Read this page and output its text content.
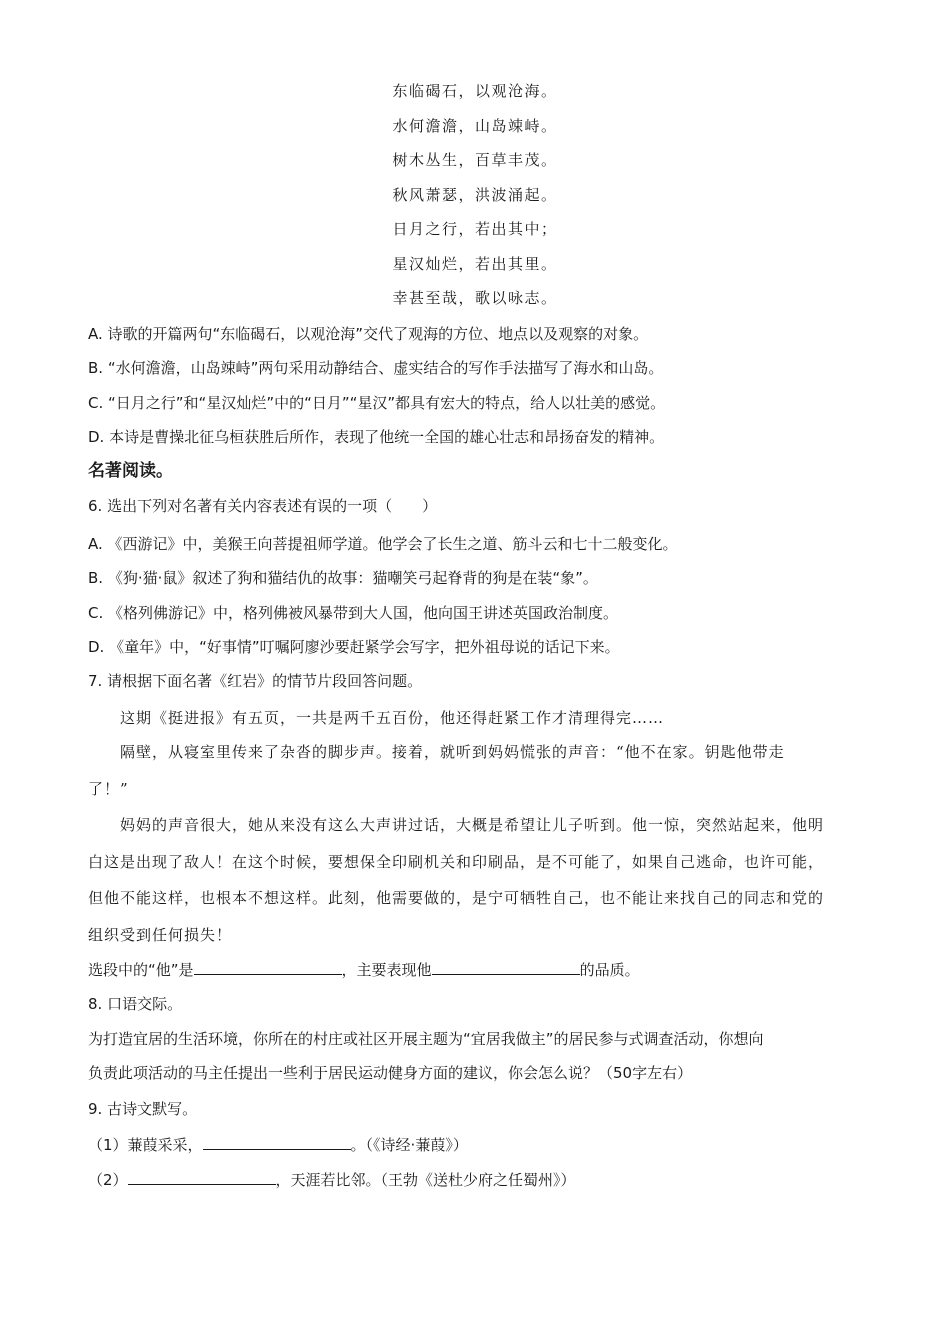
东临碣石，以观沧海。
水何澹澹，山岛竦峙。
树木丛生，百草丰茂。
秋风萧瑟，洪波涌起。
日月之行，若出其中；
星汉灿烂，若出其里。
幸甚至哉，歌以咏志。
A. 诗歌的开篇两句“东临碣石，以观沧海”交代了观海的方位、地点以及观察的对象。
B. “水何澹澹，山岛竦峙”两句采用动静结合、虚实结合的写作手法描写了海水和山岛。
C. “日月之行”和“星汉灿烂”中的“日月”“星汉”都具有宏大的特点，给人以壮美的感觉。
D. 本诗是曹操北征乌桓获胜后所作，表现了他统一全国的雄心壮志和昂扬奋发的精神。
名著阅读。
6. 选出下列对名著有关内容表述有误的一项（　　）
A. 《西游记》中，美猴王向菩提祖师学道。他学会了长生之道、筋斗云和七十二般变化。
B. 《狗·猫·鼠》叙述了狗和猫结仇的故事：猫嘲笑弓起脊背的狗是在装“象”。
C. 《格列佛游记》中，格列佛被风暴带到大人国，他向国王讲述英国政治制度。
D. 《童年》中，“好事情”叮嘱阿廖沙要赶紧学会写字，把外祖母说的话记下来。
7. 请根据下面名著《红岩》的情节片段回答问题。
这期《挺进报》有五页，一共是两千五百份，他还得赶紧工作才清理得完……
隔壁，从寝室里传来了杂沓的脚步声。接着，就听到妈妈慌张的声音：“他不在家。钥匙他带走
了！”
妈妈的声音很大，她从来没有这么大声讲过话，大概是希望让儿子听到。他一惊，突然站起来，他明
白这是出现了敌人！在这个时候，要想保全印刷机关和印刷品，是不可能了，如果自己逃命，也许可能，
但他不能这样，也根本不想这样。此刻，他需要做的，是宁可牺牲自己，也不能让来找自己的同志和党的
组织受到任何损失！
选段中的“他”是	，主要表现他	的品质。
8. 口语交际。
为打造宜居的生活环境，你所在的村庄或社区开展主题为“宜居我做主”的居民参与式调查活动，你想向
负责此项活动的马主任提出一些利于居民运动健身方面的建议，你会怎么说？（50字左右）
9. 古诗文默写。
（1）蒹葭采采，	。（《诗经·蒹葭》）
（2）	，天涯若比邻。（王勃《送杜少府之任蜀州》）
